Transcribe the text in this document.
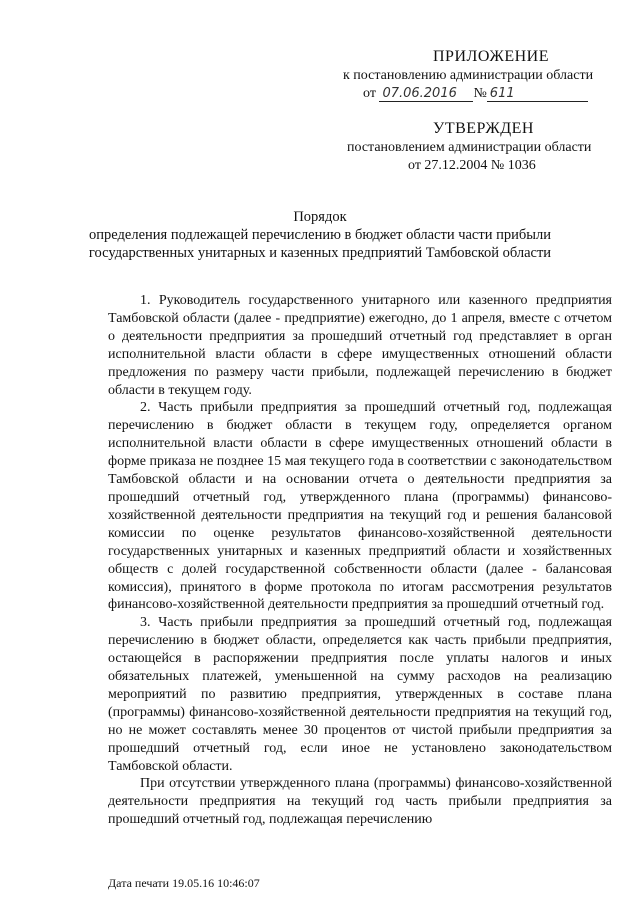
ПРИЛОЖЕНИЕ
к постановлению администрации области
от 07.06.2016 № 611
УТВЕРЖДЕН
постановлением администрации области
от 27.12.2004 № 1036
Порядок
определения подлежащей перечислению в бюджет области части прибыли
государственных унитарных и казенных предприятий Тамбовской области

1. Руководитель государственного унитарного или казенного предприятия Тамбовской области (далее - предприятие) ежегодно, до 1 апреля, вместе с отчетом о деятельности предприятия за прошедший отчетный год представляет в орган исполнительной власти области в сфере имущественных отношений области предложения по размеру части прибыли, подлежащей перечислению в бюджет области в текущем году.

2. Часть прибыли предприятия за прошедший отчетный год, подлежащая перечислению в бюджет области в текущем году, определяется органом исполнительной власти области в сфере имущественных отношений области в форме приказа не позднее 15 мая текущего года в соответствии с законодательством Тамбовской области и на основании отчета о деятельности предприятия за прошедший отчетный год, утвержденного плана (программы) финансово-хозяйственной деятельности предприятия на текущий год и решения балансовой комиссии по оценке результатов финансово-хозяйственной деятельности государственных унитарных и казенных предприятий области и хозяйственных обществ с долей государственной собственности области (далее - балансовая комиссия), принятого в форме протокола по итогам рассмотрения результатов финансово-хозяйственной деятельности предприятия за прошедший отчетный год.

3. Часть прибыли предприятия за прошедший отчетный год, подлежащая перечислению в бюджет области, определяется как часть прибыли предприятия, остающейся в распоряжении предприятия после уплаты налогов и иных обязательных платежей, уменьшенной на сумму расходов на реализацию мероприятий по развитию предприятия, утвержденных в составе плана (программы) финансово-хозяйственной деятельности предприятия на текущий год, но не может составлять менее 30 процентов от чистой прибыли предприятия за прошедший отчетный год, если иное не установлено законодательством Тамбовской области.

При отсутствии утвержденного плана (программы) финансово-хозяйственной деятельности предприятия на текущий год часть прибыли предприятия за прошедший отчетный год, подлежащая перечислению

Дата печати 19.05.16 10:46:07
